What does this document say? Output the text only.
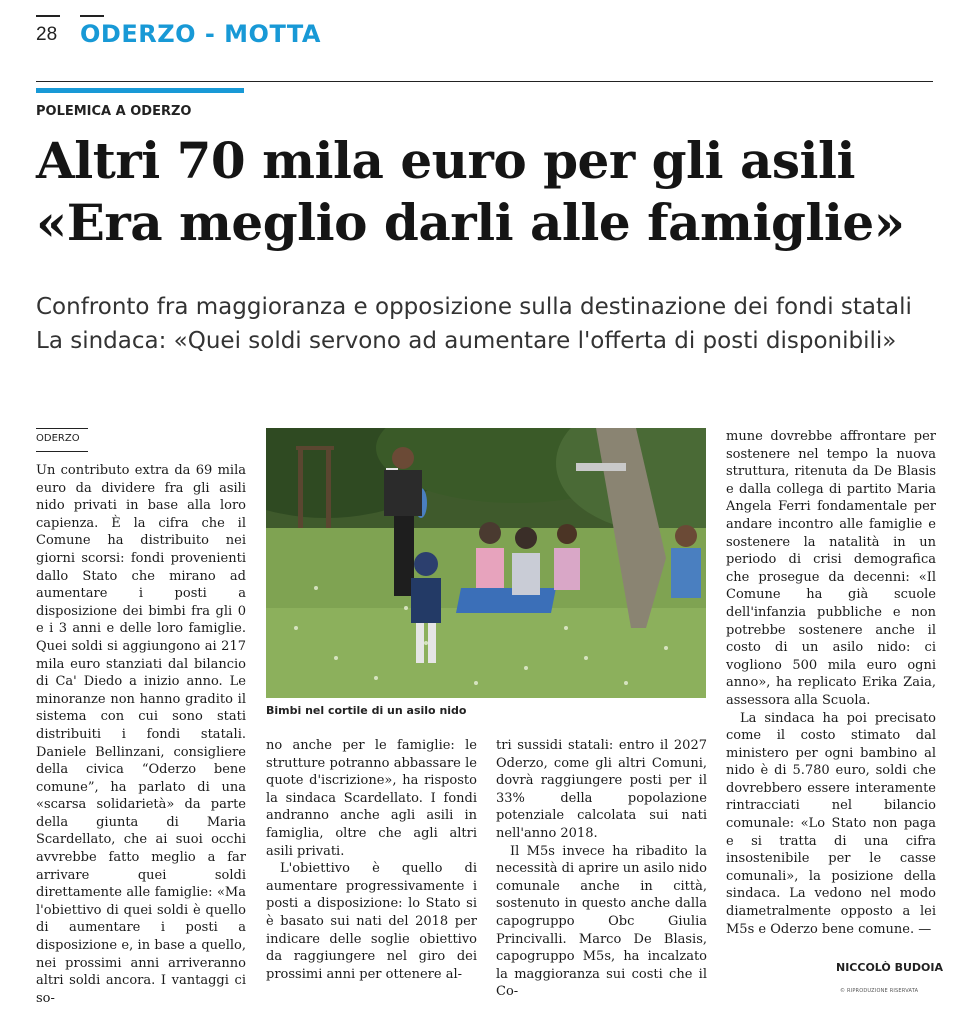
28 ODERZO - MOTTA
POLEMICA A ODERZO
Altri 70 mila euro per gli asili
«Era meglio darli alle famiglie»
Confronto fra maggioranza e opposizione sulla destinazione dei fondi statali
La sindaca: «Quei soldi servono ad aumentare l'offerta di posti disponibili»
ODERZO

Un contributo extra da 69 mila euro da dividere fra gli asili nido privati in base alla loro capienza. È la cifra che il Comune ha distribuito nei giorni scorsi: fondi provenienti dallo Stato che mirano ad aumentare i posti a disposizione dei bimbi fra gli 0 e i 3 anni e delle loro famiglie. Quei soldi si aggiungono ai 217 mila euro stanziati dal bilancio di Ca' Diedo a inizio anno. Le minoranze non hanno gradito il sistema con cui sono stati distribuiti i fondi statali. Daniele Bellinzani, consigliere della civica “Oderzo bene comune”, ha parlato di una «scarsa solidarietà» da parte della giunta di Maria Scardellato, che ai suoi occhi avvrebbe fatto meglio a far arrivare quei soldi direttamente alle famiglie: «Ma l'obiettivo di quei soldi è quello di aumentare i posti a disposizione e, in base a quello, nei prossimi anni arriveranno altri soldi ancora. I vantaggi ci so-

Bimbi nel cortile di un asilo nido

no anche per le famiglie: le strutture potranno abbassare le quote d'iscrizione», ha risposto la sindaca Scardellato. I fondi andranno anche agli asili in famiglia, oltre che agli altri asili privati.

L'obiettivo è quello di aumentare progressivamente i posti a disposizione: lo Stato si è basato sui nati del 2018 per indicare delle soglie obiettivo da raggiungere nel giro dei prossimi anni per ottenere al-

tri sussidi statali: entro il 2027 Oderzo, come gli altri Comuni, dovrà raggiungere posti per il 33% della popolazione potenziale calcolata sui nati nell'anno 2018.

Il M5s invece ha ribadito la necessità di aprire un asilo nido comunale anche in città, sostenuto in questo anche dalla capogruppo Obc Giulia Princivalli. Marco De Blasis, capogruppo M5s, ha incalzato la maggioranza sui costi che il Co-

mune dovrebbe affrontare per sostenere nel tempo la nuova struttura, ritenuta da De Blasis e dalla collega di partito Maria Angela Ferri fondamentale per andare incontro alle famiglie e sostenere la natalità in un periodo di crisi demografica che prosegue da decenni: «Il Comune ha già scuole dell'infanzia pubbliche e non potrebbe sostenere anche il costo di un asilo nido: ci vogliono 500 mila euro ogni anno», ha replicato Erika Zaia, assessora alla Scuola.

La sindaca ha poi precisato come il costo stimato dal ministero per ogni bambino al nido è di 5.780 euro, soldi che dovrebbero essere interamente rintracciati nel bilancio comunale: «Lo Stato non paga e si tratta di una cifra insostenibile per le casse comunali», la posizione della sindaca. La vedono nel modo diametralmente opposto a lei M5s e Oderzo bene comune. —

NICCOLÒ BUDOIA
© RIPRODUZIONE RISERVATA
